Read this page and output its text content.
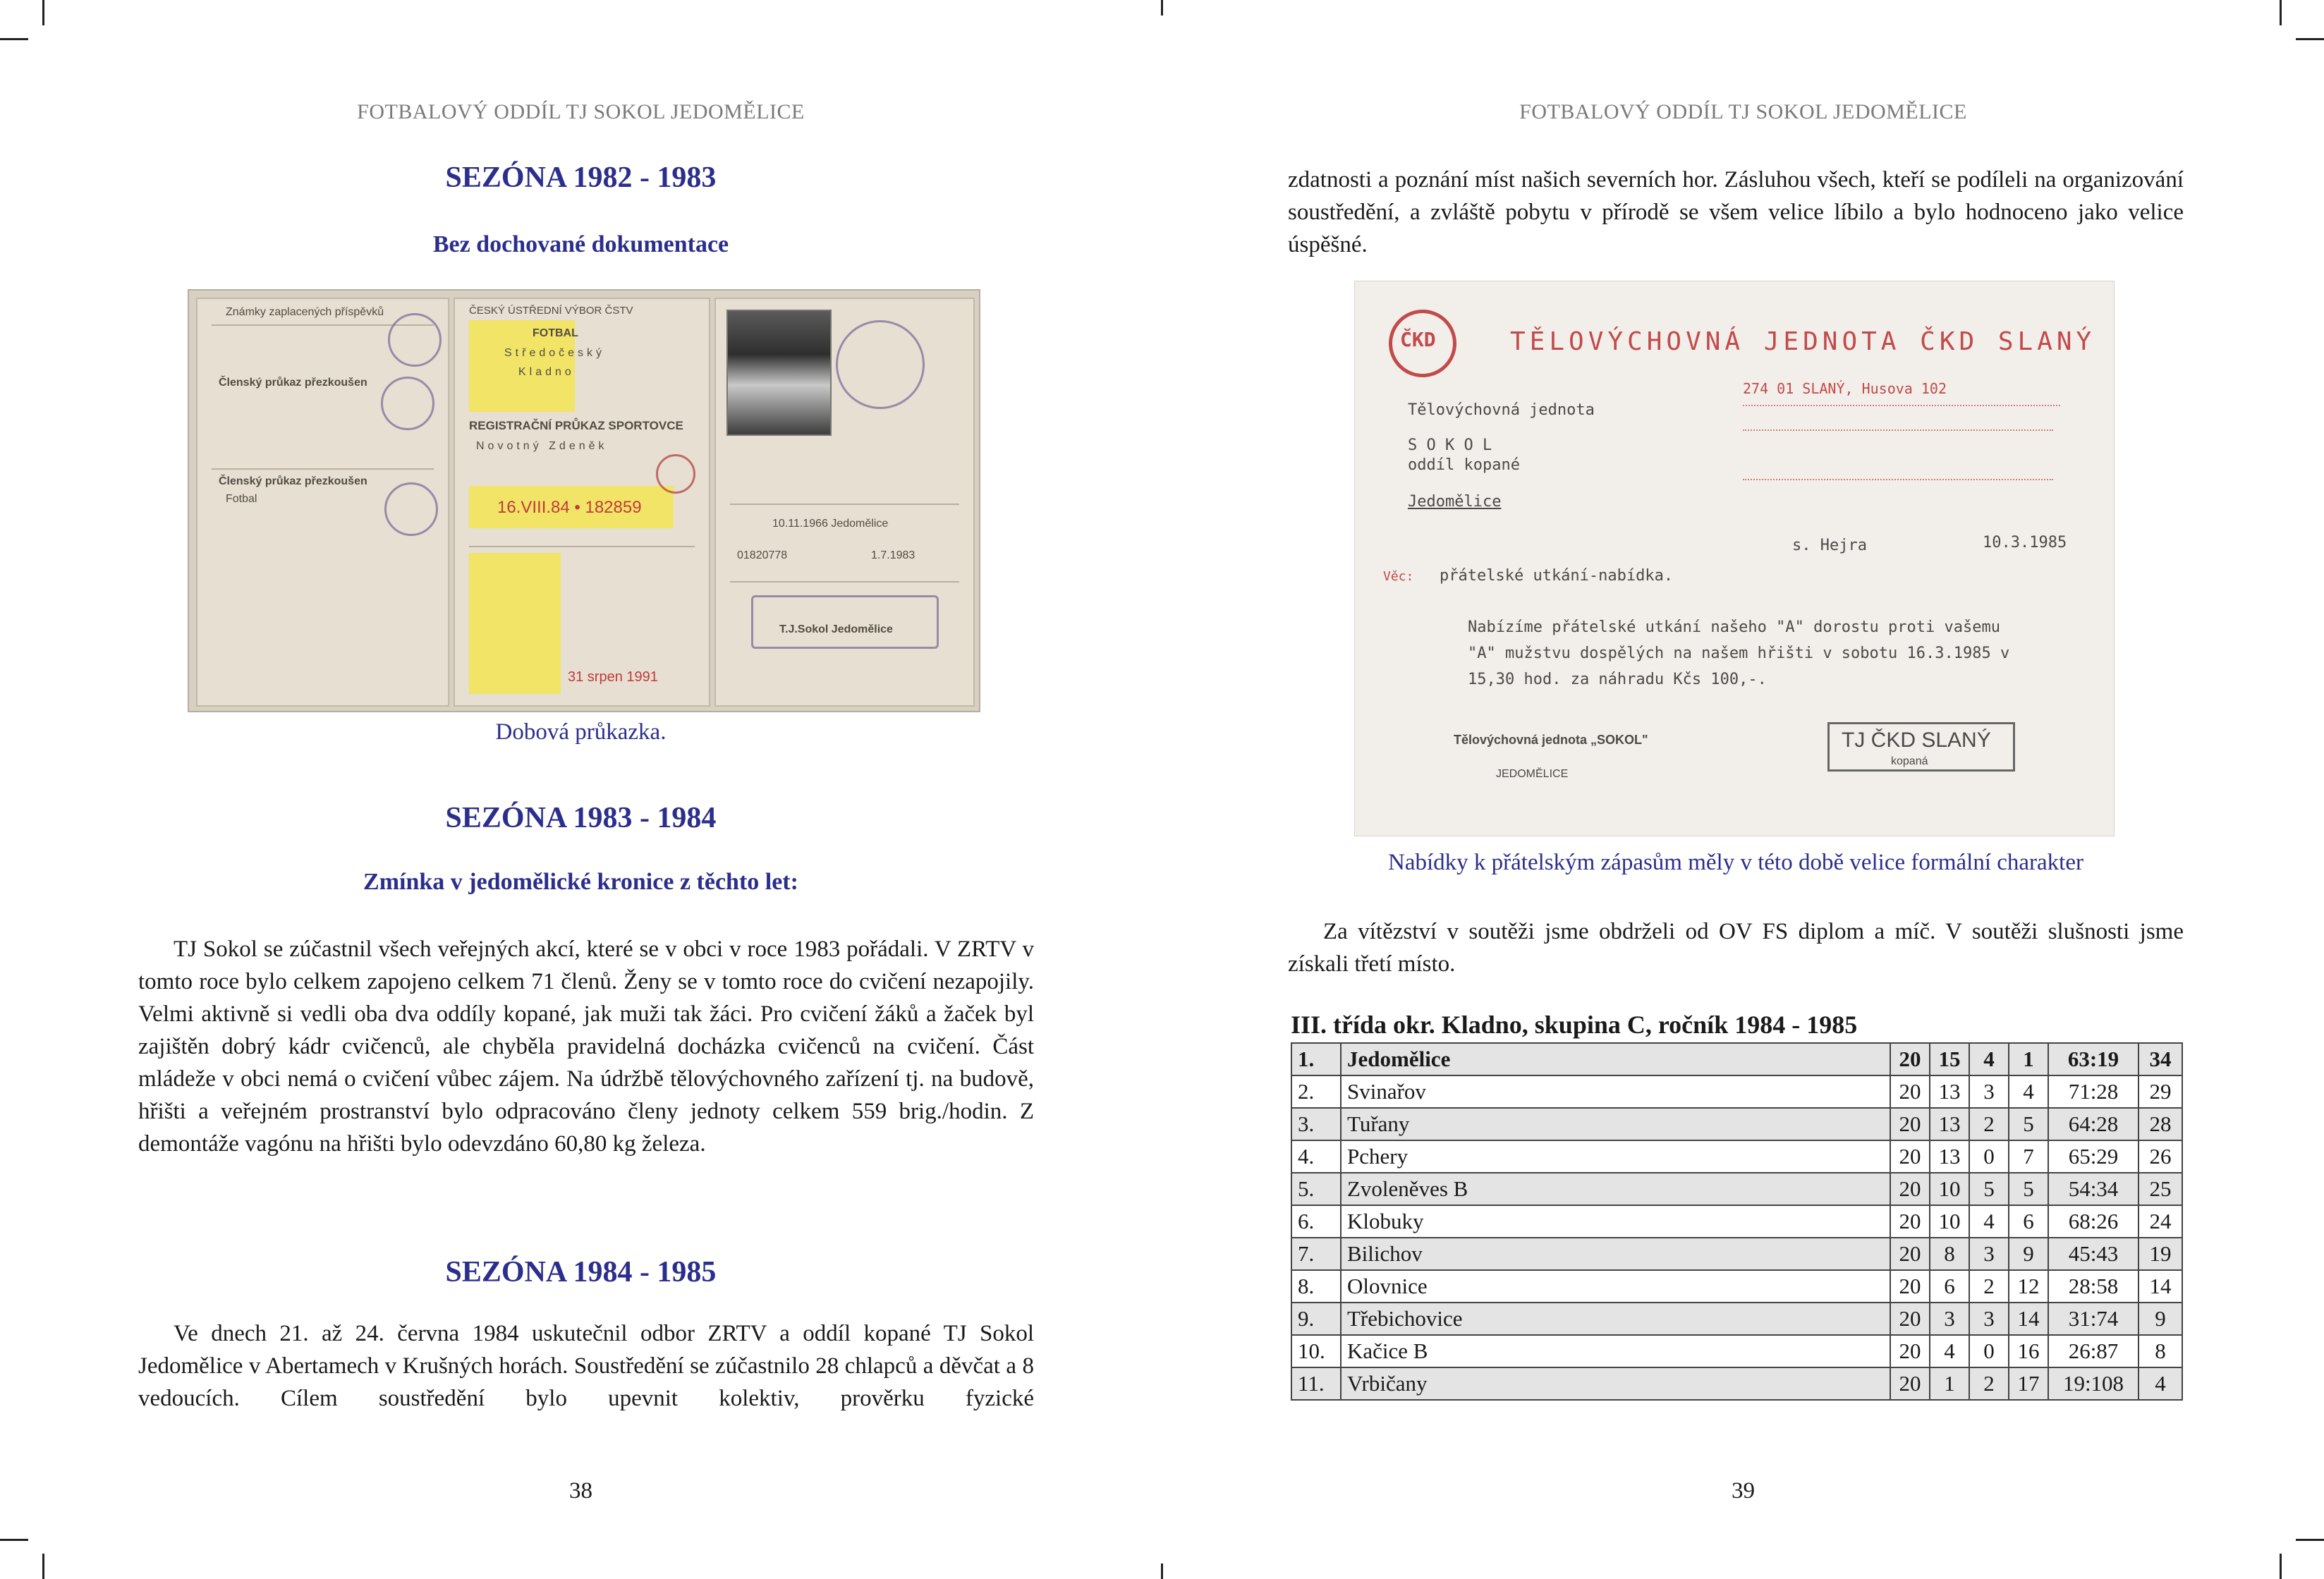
FOTBALOVÝ ODDÍL TJ SOKOL JEDOMĚLICE
SEZÓNA 1982 - 1983
Bez dochované dokumentace
Známky zaplacených příspěvků
Členský průkaz přezkoušen
Členský průkaz přezkoušen
Fotbal
ČESKÝ ÚSTŘEDNÍ VÝBOR ČSTV
FOTBAL
Středočeský
Kladno
REGISTRAČNÍ PRŮKAZ SPORTOVCE
Novotný Zdeněk
16.VIII.84 • 182859
31 srpen 1991
10.11.1966 Jedomělice
01820778	1.7.1983
T.J.Sokol Jedomělice
Dobová průkazka.
SEZÓNA 1983 - 1984
Zmínka v jedomělické kronice z těchto let:

TJ Sokol se zúčastnil všech veřejných akcí, které se v obci v roce 1983 pořádali. V ZRTV v tomto roce bylo celkem zapojeno celkem 71 členů. Ženy se v tomto roce do cvičení nezapojily. Velmi aktivně si vedli oba dva oddíly kopané, jak muži tak žáci. Pro cvičení žáků a žaček byl zajištěn dobrý kádr cvičenců, ale chyběla pravidelná docházka cvičenců na cvičení. Část mládeže v obci nemá o cvičení vůbec zájem. Na údržbě tělovýchovného zařízení tj. na budově, hřišti a veřejném prostranství bylo odpracováno členy jednoty celkem 559 brig./hodin. Z demontáže vagónu na hřišti bylo odevzdáno 60,80 kg železa.

SEZÓNA 1984 - 1985

Ve dnech 21. až 24. června 1984 uskutečnil odbor ZRTV a oddíl kopané TJ Sokol Jedomělice v Abertamech v Krušných horách. Soustředění se zúčastnilo 28 chlapců a děvčat a 8 vedoucích. Cílem soustředění bylo upevnit kolektiv, prověrku fyzické

38
FOTBALOVÝ ODDÍL TJ SOKOL JEDOMĚLICE

zdatnosti a poznání míst našich severních hor. Zásluhou všech, kteří se podíleli na organizování soustředění, a zvláště pobytu v přírodě se všem velice líbilo a bylo hodnoceno jako velice úspěšné.

ČKD	TĚLOVÝCHOVNÁ JEDNOTA ČKD SLANÝ
274 01 SLANÝ, Husova 102
Tělovýchovná jednota
S O K O L
oddíl kopané
Jedomělice
s. Hejra	10.3.1985
Věc: přátelské utkání-nabídka.
Nabízíme přátelské utkání našeho "A" dorostu proti vašemu
"A" mužstvu dospělých na našem hřišti v sobotu 16.3.1985 v
15,30 hod. za náhradu Kčs 100,-.
Tělovýchovná jednota „SOKOL"
JEDOMĚLICE
TJ ČKD SLANÝ
kopaná
Nabídky k přátelským zápasům měly v této době velice formální charakter

Za vítězství v soutěži jsme obdrželi od OV FS diplom a míč. V soutěži slušnosti jsme získali třetí místo.

III. třída okr. Kladno, skupina C, ročník 1984 - 1985
1.	Jedomělice	20	15	4	1	63:19	34
2.	Svinařov	20	13	3	4	71:28	29
3.	Tuřany	20	13	2	5	64:28	28
4.	Pchery	20	13	0	7	65:29	26
5.	Zvoleněves B	20	10	5	5	54:34	25
6.	Klobuky	20	10	4	6	68:26	24
7.	Bilichov	20	8	3	9	45:43	19
8.	Olovnice	20	6	2	12	28:58	14
9.	Třebichovice	20	3	3	14	31:74	9
10.	Kačice B	20	4	0	16	26:87	8
11.	Vrbičany	20	1	2	17	19:108	4
39
